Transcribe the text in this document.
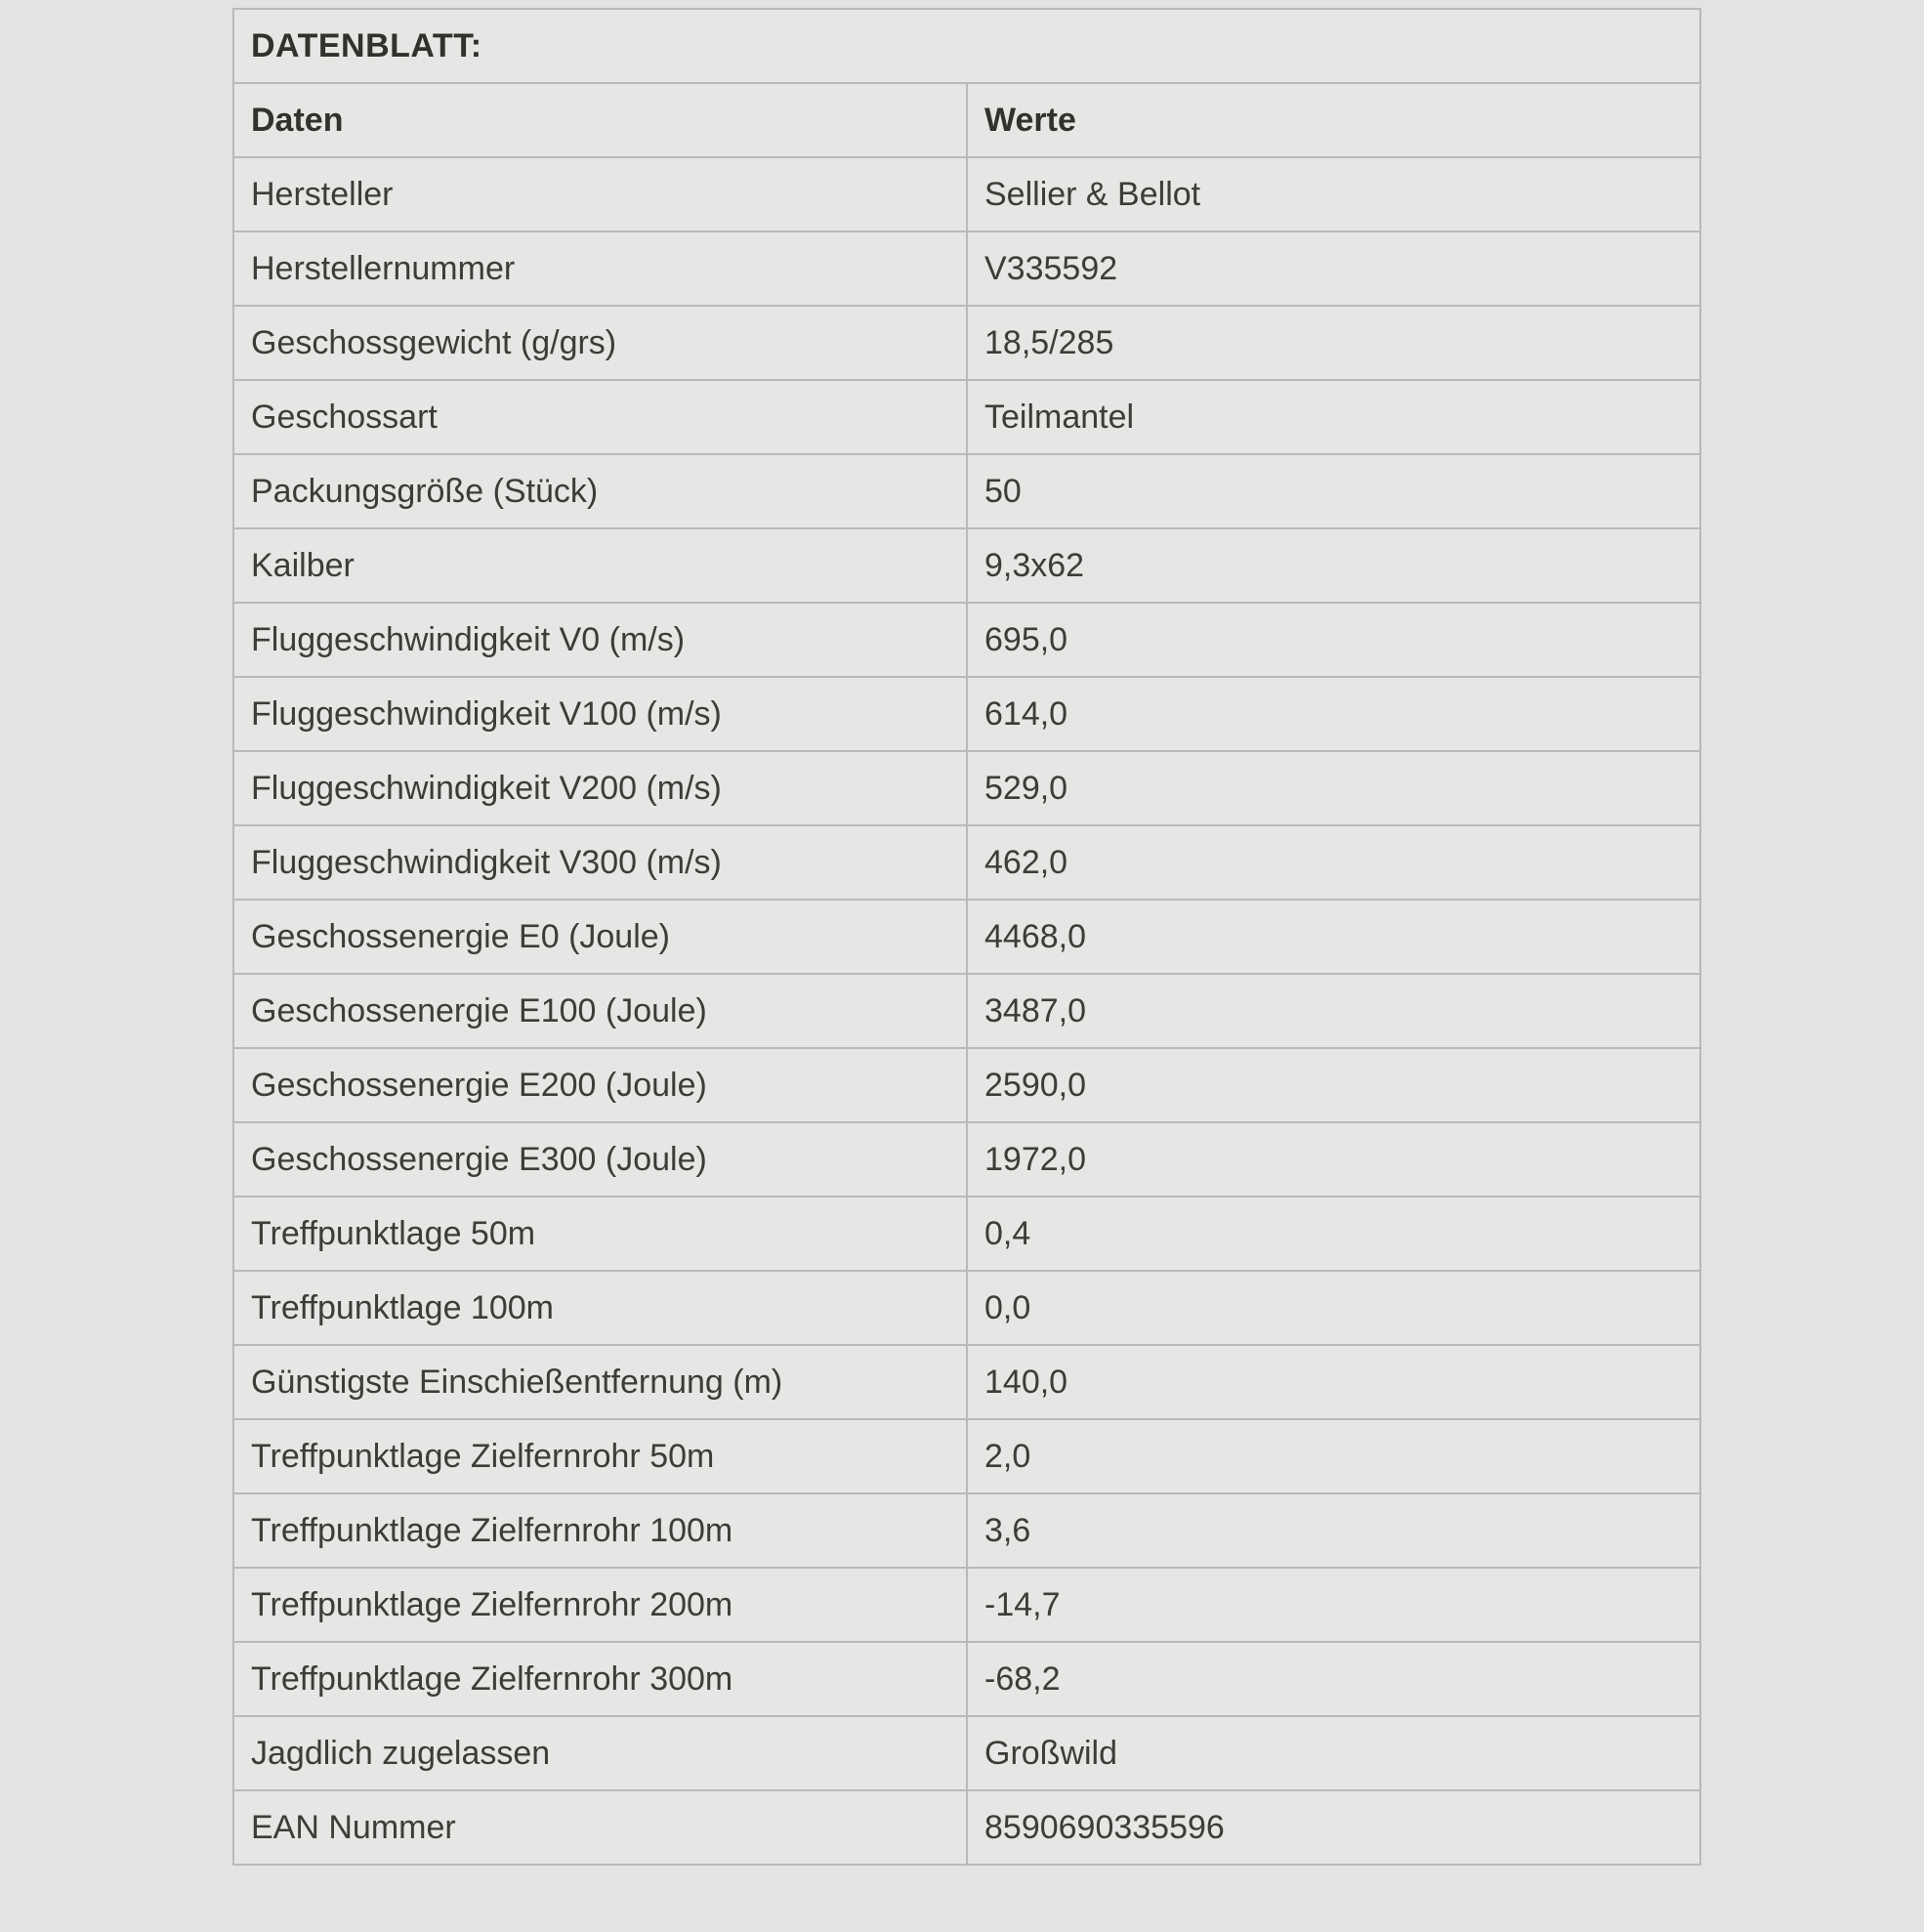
DATENBLATT:	
Daten	Werte
Hersteller	Sellier & Bellot
Herstellernummer	V335592
Geschossgewicht (g/grs)	18,5/285
Geschossart	Teilmantel
Packungsgröße (Stück)	50
Kailber	9,3x62
Fluggeschwindigkeit V0 (m/s)	695,0
Fluggeschwindigkeit V100 (m/s)	614,0
Fluggeschwindigkeit V200 (m/s)	529,0
Fluggeschwindigkeit V300 (m/s)	462,0
Geschossenergie E0 (Joule)	4468,0
Geschossenergie E100 (Joule)	3487,0
Geschossenergie E200 (Joule)	2590,0
Geschossenergie E300 (Joule)	1972,0
Treffpunktlage 50m	0,4
Treffpunktlage 100m	0,0
Günstigste Einschießentfernung (m)	140,0
Treffpunktlage Zielfernrohr 50m	2,0
Treffpunktlage Zielfernrohr 100m	3,6
Treffpunktlage Zielfernrohr 200m	-14,7
Treffpunktlage Zielfernrohr 300m	-68,2
Jagdlich zugelassen	Großwild
EAN Nummer	8590690335596
